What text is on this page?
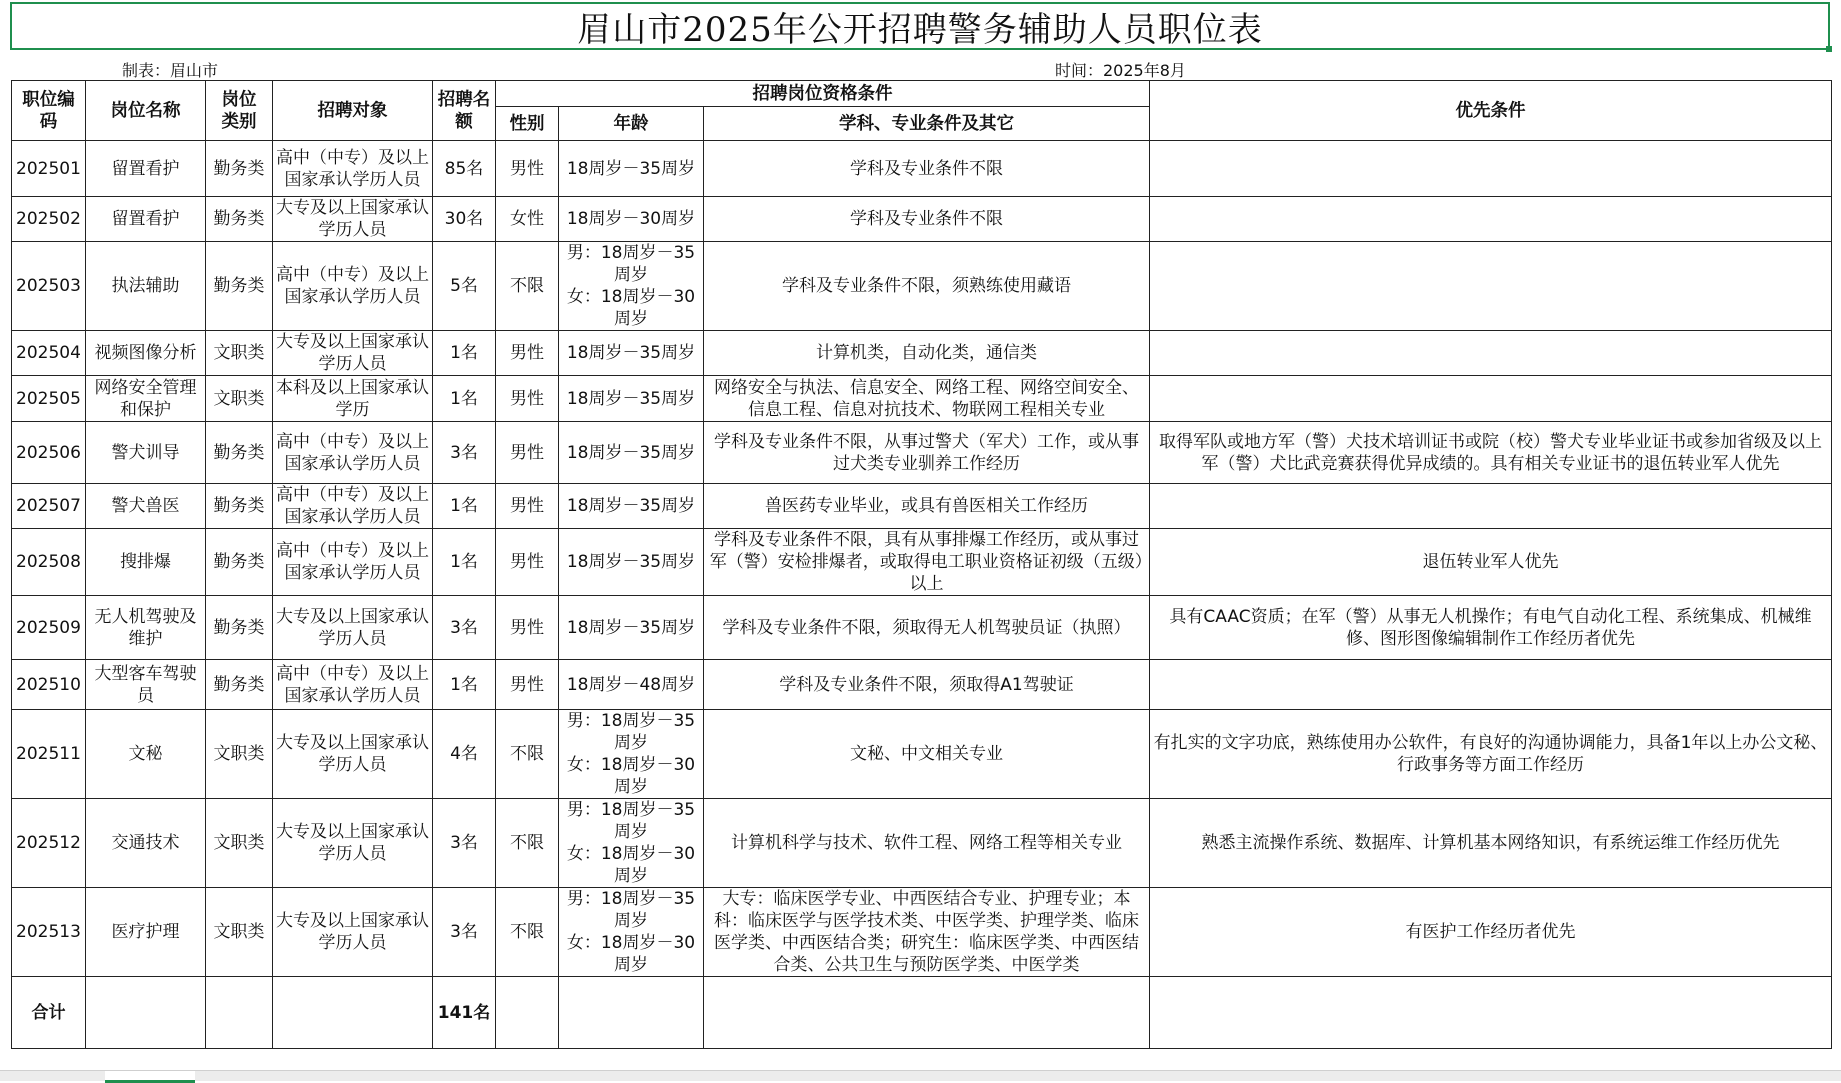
眉山市2025年公开招聘警务辅助人员职位表
制表：眉山市	时间：2025年8月
职位编码	岗位名称	岗位类别	招聘对象	招聘名额	招聘岗位资格条件			优先条件
					性别	年龄	学科、专业条件及其它	
202501	留置看护	勤务类	高中（中专）及以上国家承认学历人员	85名	男性	18周岁－35周岁	学科及专业条件不限	
202502	留置看护	勤务类	大专及以上国家承认学历人员	30名	女性	18周岁－30周岁	学科及专业条件不限	
202503	执法辅助	勤务类	高中（中专）及以上国家承认学历人员	5名	不限	男：18周岁－35周岁
女：18周岁－30周岁	学科及专业条件不限，须熟练使用藏语	
202504	视频图像分析	文职类	大专及以上国家承认学历人员	1名	男性	18周岁－35周岁	计算机类，自动化类，通信类	
202505	网络安全管理和保护	文职类	本科及以上国家承认学历	1名	男性	18周岁－35周岁	网络安全与执法、信息安全、网络工程、网络空间安全、信息工程、信息对抗技术、物联网工程相关专业	
202506	警犬训导	勤务类	高中（中专）及以上国家承认学历人员	3名	男性	18周岁－35周岁	学科及专业条件不限，从事过警犬（军犬）工作，或从事过犬类专业驯养工作经历	取得军队或地方军（警）犬技术培训证书或院（校）警犬专业毕业证书或参加省级及以上军（警）犬比武竞赛获得优异成绩的。具有相关专业证书的退伍转业军人优先
202507	警犬兽医	勤务类	高中（中专）及以上国家承认学历人员	1名	男性	18周岁－35周岁	兽医药专业毕业，或具有兽医相关工作经历	
202508	搜排爆	勤务类	高中（中专）及以上国家承认学历人员	1名	男性	18周岁－35周岁	学科及专业条件不限，具有从事排爆工作经历，或从事过军（警）安检排爆者，或取得电工职业资格证初级（五级）以上	退伍转业军人优先
202509	无人机驾驶及维护	勤务类	大专及以上国家承认学历人员	3名	男性	18周岁－35周岁	学科及专业条件不限，须取得无人机驾驶员证（执照）	具有CAAC资质；在军（警）从事无人机操作；有电气自动化工程、系统集成、机械维修、图形图像编辑制作工作经历者优先
202510	大型客车驾驶员	勤务类	高中（中专）及以上国家承认学历人员	1名	男性	18周岁－48周岁	学科及专业条件不限，须取得A1驾驶证	
202511	文秘	文职类	大专及以上国家承认学历人员	4名	不限	男：18周岁－35周岁
女：18周岁－30周岁	文秘、中文相关专业	有扎实的文字功底，熟练使用办公软件，有良好的沟通协调能力，具备1年以上办公文秘、行政事务等方面工作经历
202512	交通技术	文职类	大专及以上国家承认学历人员	3名	不限	男：18周岁－35周岁
女：18周岁－30周岁	计算机科学与技术、软件工程、网络工程等相关专业	熟悉主流操作系统、数据库、计算机基本网络知识，有系统运维工作经历优先
202513	医疗护理	文职类	大专及以上国家承认学历人员	3名	不限	男：18周岁－35周岁
女：18周岁－30周岁	大专：临床医学专业、中西医结合专业、护理专业；本科：临床医学与医学技术类、中医学类、护理学类、临床医学类、中西医结合类；研究生：临床医学类、中西医结合类、公共卫生与预防医学类、中医学类	有医护工作经历者优先
合计				141名				
